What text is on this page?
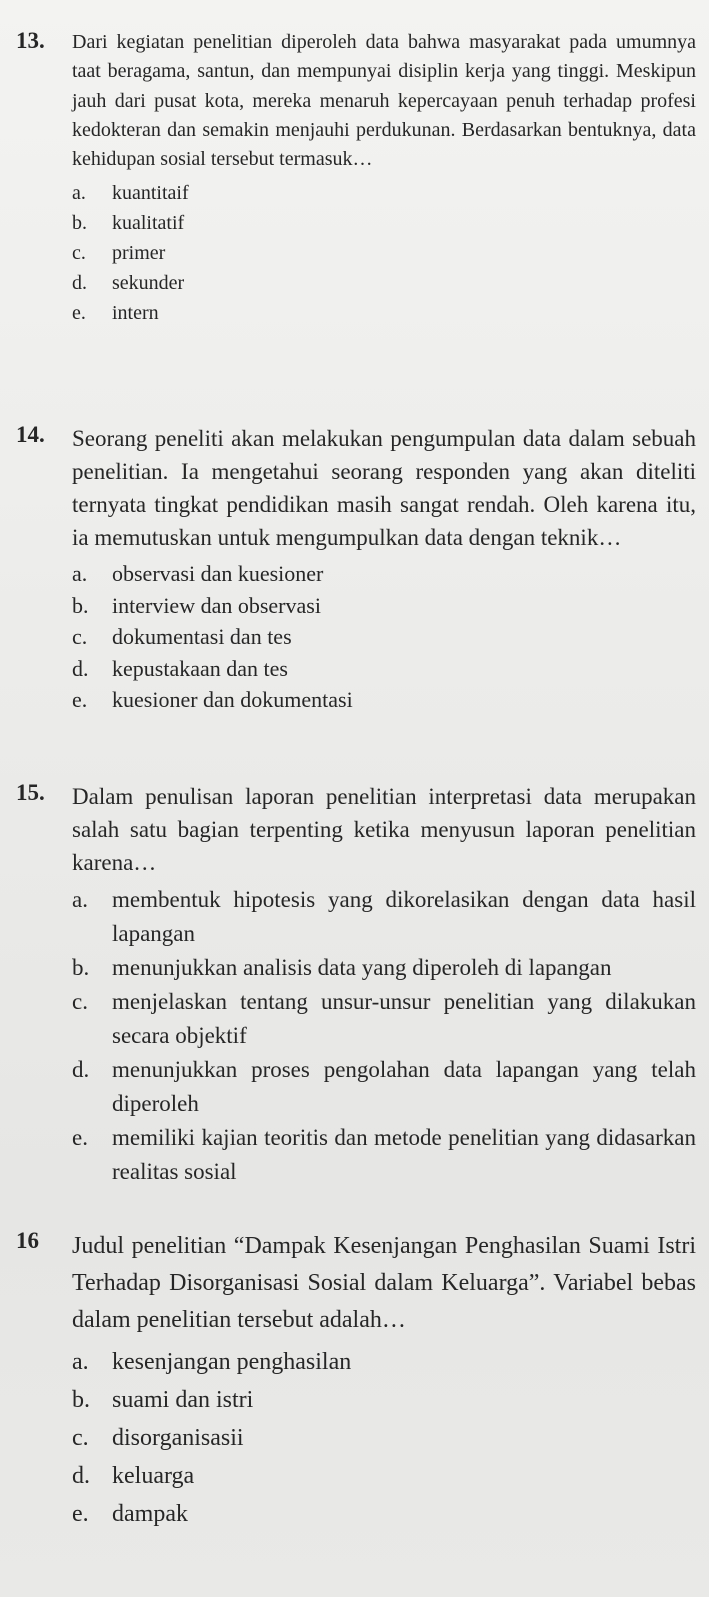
13. Dari kegiatan penelitian diperoleh data bahwa masyarakat pada umumnya taat beragama, santun, dan mempunyai disiplin kerja yang tinggi. Meskipun jauh dari pusat kota, mereka menaruh kepercayaan penuh terhadap profesi kedokteran dan semakin menjauhi perdukunan. Berdasarkan bentuknya, data kehidupan sosial tersebut termasuk…
a. kuantitaif
b. kualitatif
c. primer
d. sekunder
e. intern
14. Seorang peneliti akan melakukan pengumpulan data dalam sebuah penelitian. Ia mengetahui seorang responden yang akan diteliti ternyata tingkat pendidikan masih sangat rendah. Oleh karena itu, ia memutuskan untuk mengumpulkan data dengan teknik…
a. observasi dan kuesioner
b. interview dan observasi
c. dokumentasi dan tes
d. kepustakaan dan tes
e. kuesioner dan dokumentasi
15. Dalam penulisan laporan penelitian interpretasi data merupakan salah satu bagian terpenting ketika menyusun laporan penelitian karena…
a. membentuk hipotesis yang dikorelasikan dengan data hasil lapangan
b. menunjukkan analisis data yang diperoleh di lapangan
c. menjelaskan tentang unsur-unsur penelitian yang dilakukan secara objektif
d. menunjukkan proses pengolahan data lapangan yang telah diperoleh
e. memiliki kajian teoritis dan metode penelitian yang didasarkan realitas sosial
16 Judul penelitian “Dampak Kesenjangan Penghasilan Suami Istri Terhadap Disorganisasi Sosial dalam Keluarga”. Variabel bebas dalam penelitian tersebut adalah…
a. kesenjangan penghasilan
b. suami dan istri
c. disorganisasii
d. keluarga
e. dampak
